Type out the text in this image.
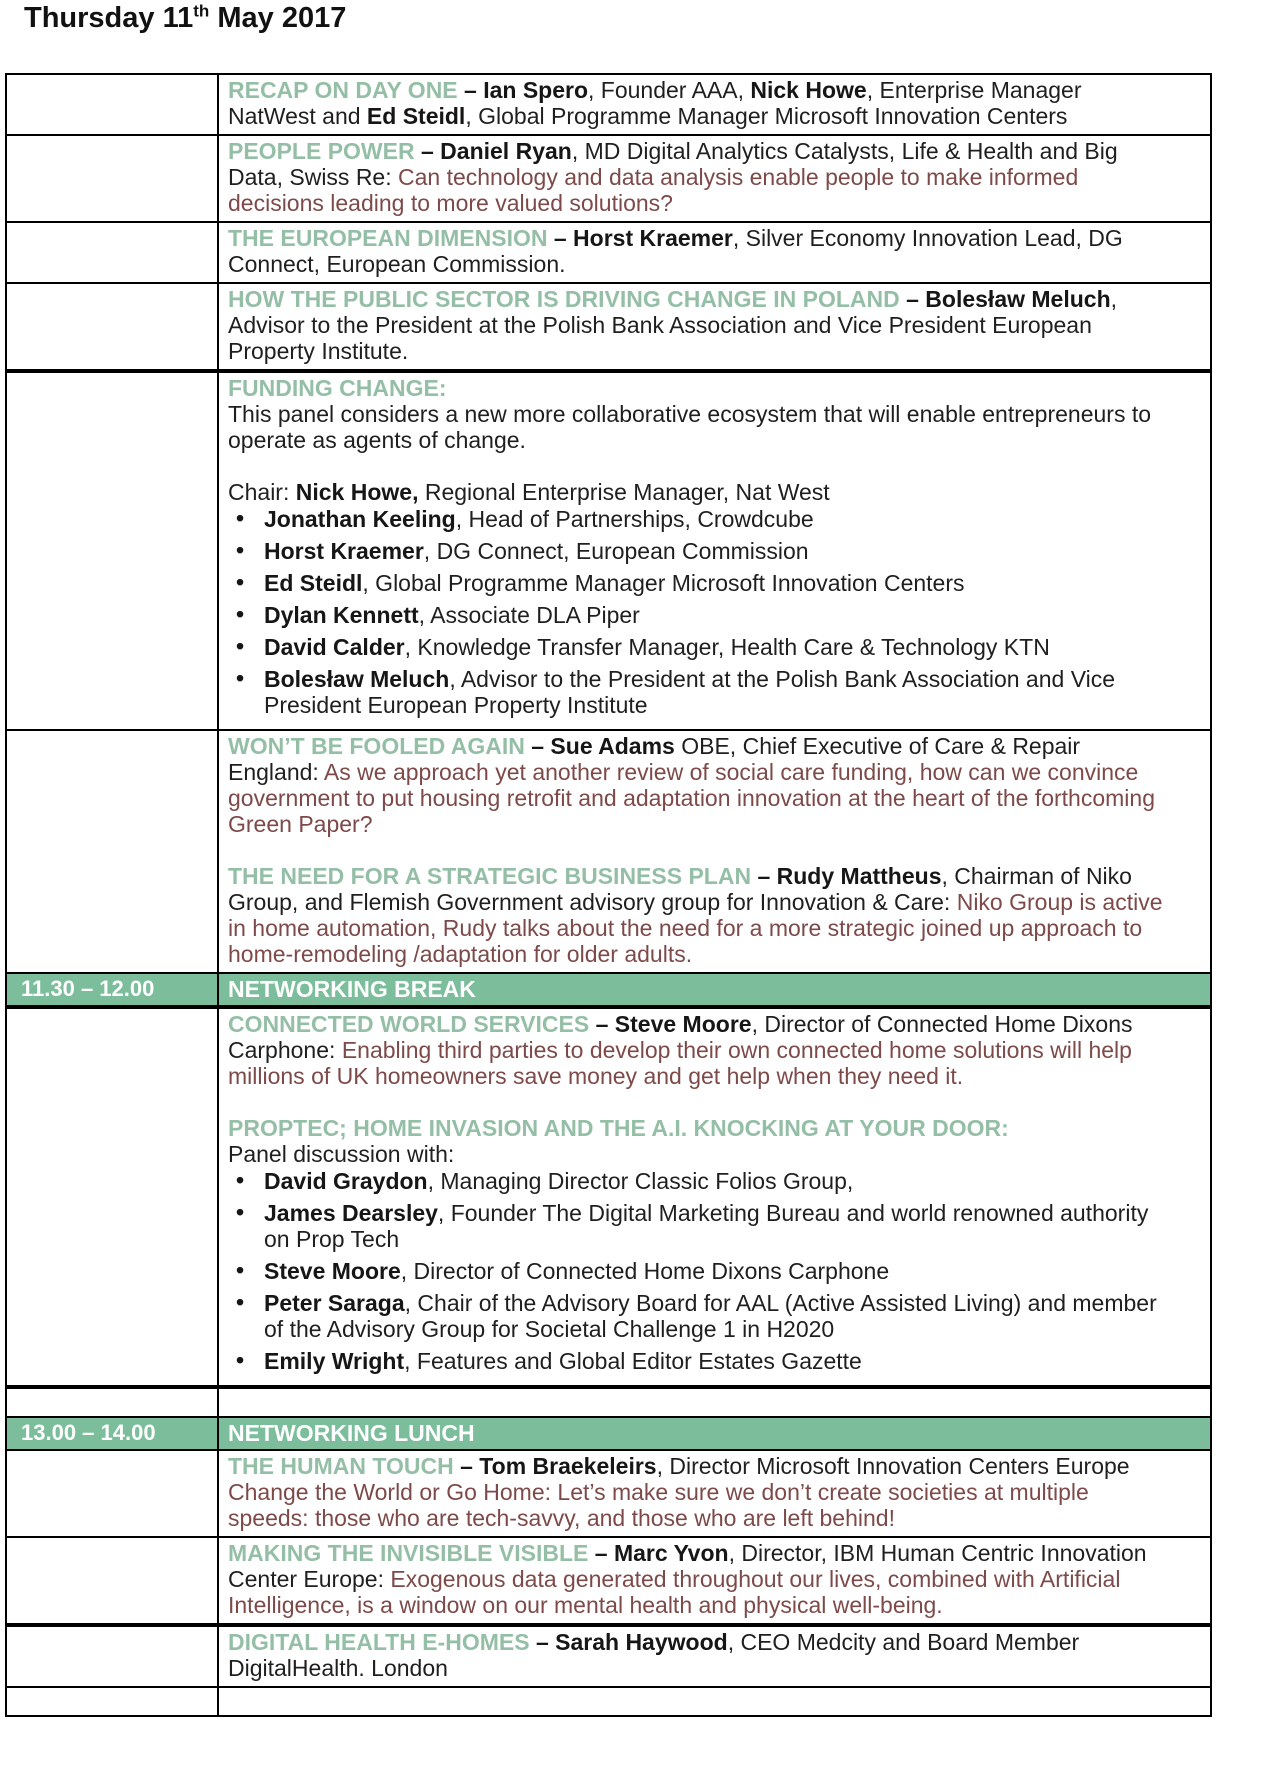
Thursday 11th May 2017

RECAP ON DAY ONE – Ian Spero, Founder AAA, Nick Howe, Enterprise Manager NatWest and Ed Steidl, Global Programme Manager Microsoft Innovation Centers

PEOPLE POWER – Daniel Ryan, MD Digital Analytics Catalysts, Life & Health and Big Data, Swiss Re: Can technology and data analysis enable people to make informed decisions leading to more valued solutions?

THE EUROPEAN DIMENSION – Horst Kraemer, Silver Economy Innovation Lead, DG Connect, European Commission.

HOW THE PUBLIC SECTOR IS DRIVING CHANGE IN POLAND – Bolesław Meluch, Advisor to the President at the Polish Bank Association and Vice President European Property Institute.

FUNDING CHANGE:

This panel considers a new more collaborative ecosystem that will enable entrepreneurs to operate as agents of change.

Chair: Nick Howe, Regional Enterprise Manager, Nat West

• Jonathan Keeling, Head of Partnerships, Crowdcube
• Horst Kraemer, DG Connect, European Commission
• Ed Steidl, Global Programme Manager Microsoft Innovation Centers
• Dylan Kennett, Associate DLA Piper
• David Calder, Knowledge Transfer Manager, Health Care & Technology KTN
• Bolesław Meluch, Advisor to the President at the Polish Bank Association and Vice President European Property Institute

WON’T BE FOOLED AGAIN – Sue Adams OBE, Chief Executive of Care & Repair England: As we approach yet another review of social care funding, how can we convince government to put housing retrofit and adaptation innovation at the heart of the forthcoming Green Paper?

THE NEED FOR A STRATEGIC BUSINESS PLAN – Rudy Mattheus, Chairman of Niko Group, and Flemish Government advisory group for Innovation & Care: Niko Group is active in home automation, Rudy talks about the need for a more strategic joined up approach to home-remodeling /adaptation for older adults.

11.30 – 12.00	NETWORKING BREAK

CONNECTED WORLD SERVICES – Steve Moore, Director of Connected Home Dixons Carphone: Enabling third parties to develop their own connected home solutions will help millions of UK homeowners save money and get help when they need it.

PROPTEC; HOME INVASION AND THE A.I. KNOCKING AT YOUR DOOR:

Panel discussion with:

• David Graydon, Managing Director Classic Folios Group,
• James Dearsley, Founder The Digital Marketing Bureau and world renowned authority on Prop Tech
• Steve Moore, Director of Connected Home Dixons Carphone
• Peter Saraga, Chair of the Advisory Board for AAL (Active Assisted Living) and member of the Advisory Group for Societal Challenge 1 in H2020
• Emily Wright, Features and Global Editor Estates Gazette
13.00 – 14.00	NETWORKING LUNCH

THE HUMAN TOUCH – Tom Braekeleirs, Director Microsoft Innovation Centers Europe Change the World or Go Home: Let’s make sure we don’t create societies at multiple speeds: those who are tech-savvy, and those who are left behind!

MAKING THE INVISIBLE VISIBLE – Marc Yvon, Director, IBM Human Centric Innovation Center Europe: Exogenous data generated throughout our lives, combined with Artificial Intelligence, is a window on our mental health and physical well-being.

DIGITAL HEALTH E-HOMES – Sarah Haywood, CEO Medcity and Board Member DigitalHealth. London
